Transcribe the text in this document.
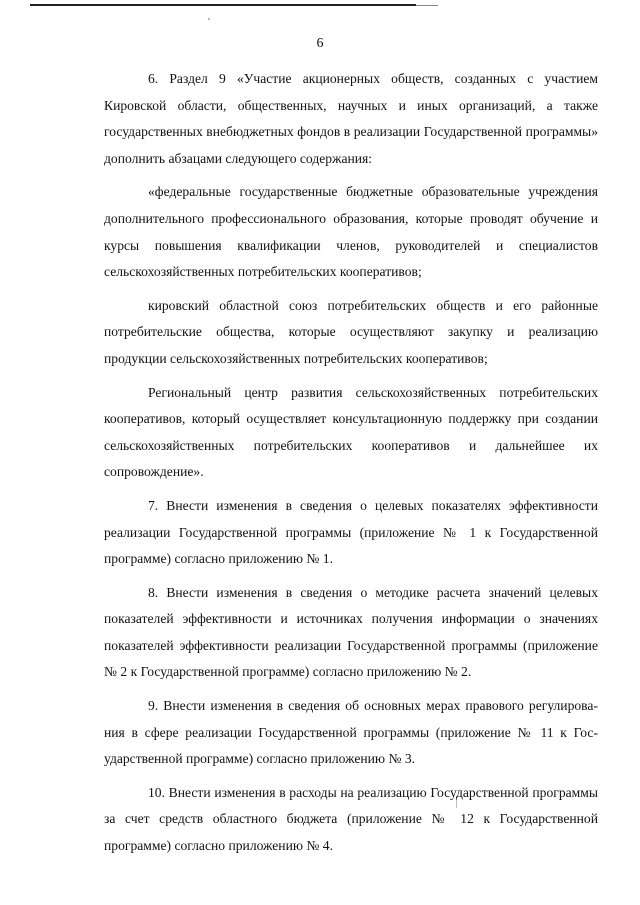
6

6. Раздел 9 «Участие акционерных обществ, созданных с участием Кировской области, общественных, научных и иных организаций, а также государственных внебюджетных фондов в реализации Государственной программы» дополнить абзацами следующего содержания:

«федеральные государственные бюджетные образовательные учреждения дополнительного профессионального образования, которые проводят обучение и курсы повышения квалификации членов, руководителей и специалистов сельскохозяйственных потребительских кооперативов;

кировский областной союз потребительских обществ и его районные потребительские общества, которые осуществляют закупку и реализацию продукции сельскохозяйственных потребительских кооперативов;

Региональный центр развития сельскохозяйственных потребительских кооперативов, который осуществляет консультационную поддержку при создании сельскохозяйственных потребительских кооперативов и дальнейшее их сопровождение».

7. Внести изменения в сведения о целевых показателях эффективности реализации Государственной программы (приложение № 1 к Государственной программе) согласно приложению № 1.

8. Внести изменения в сведения о методике расчета значений целевых показателей эффективности и источниках получения информации о значениях показателей эффективности реализации Государственной программы (приложение № 2 к Государственной программе) согласно приложению № 2.

9. Внести изменения в сведения об основных мерах правового регулирования в сфере реализации Государственной программы (приложение № 11 к Государственной программе) согласно приложению № 3.

10. Внести изменения в расходы на реализацию Государственной программы за счет средств областного бюджета (приложение № 12 к Государственной программе) согласно приложению № 4.
